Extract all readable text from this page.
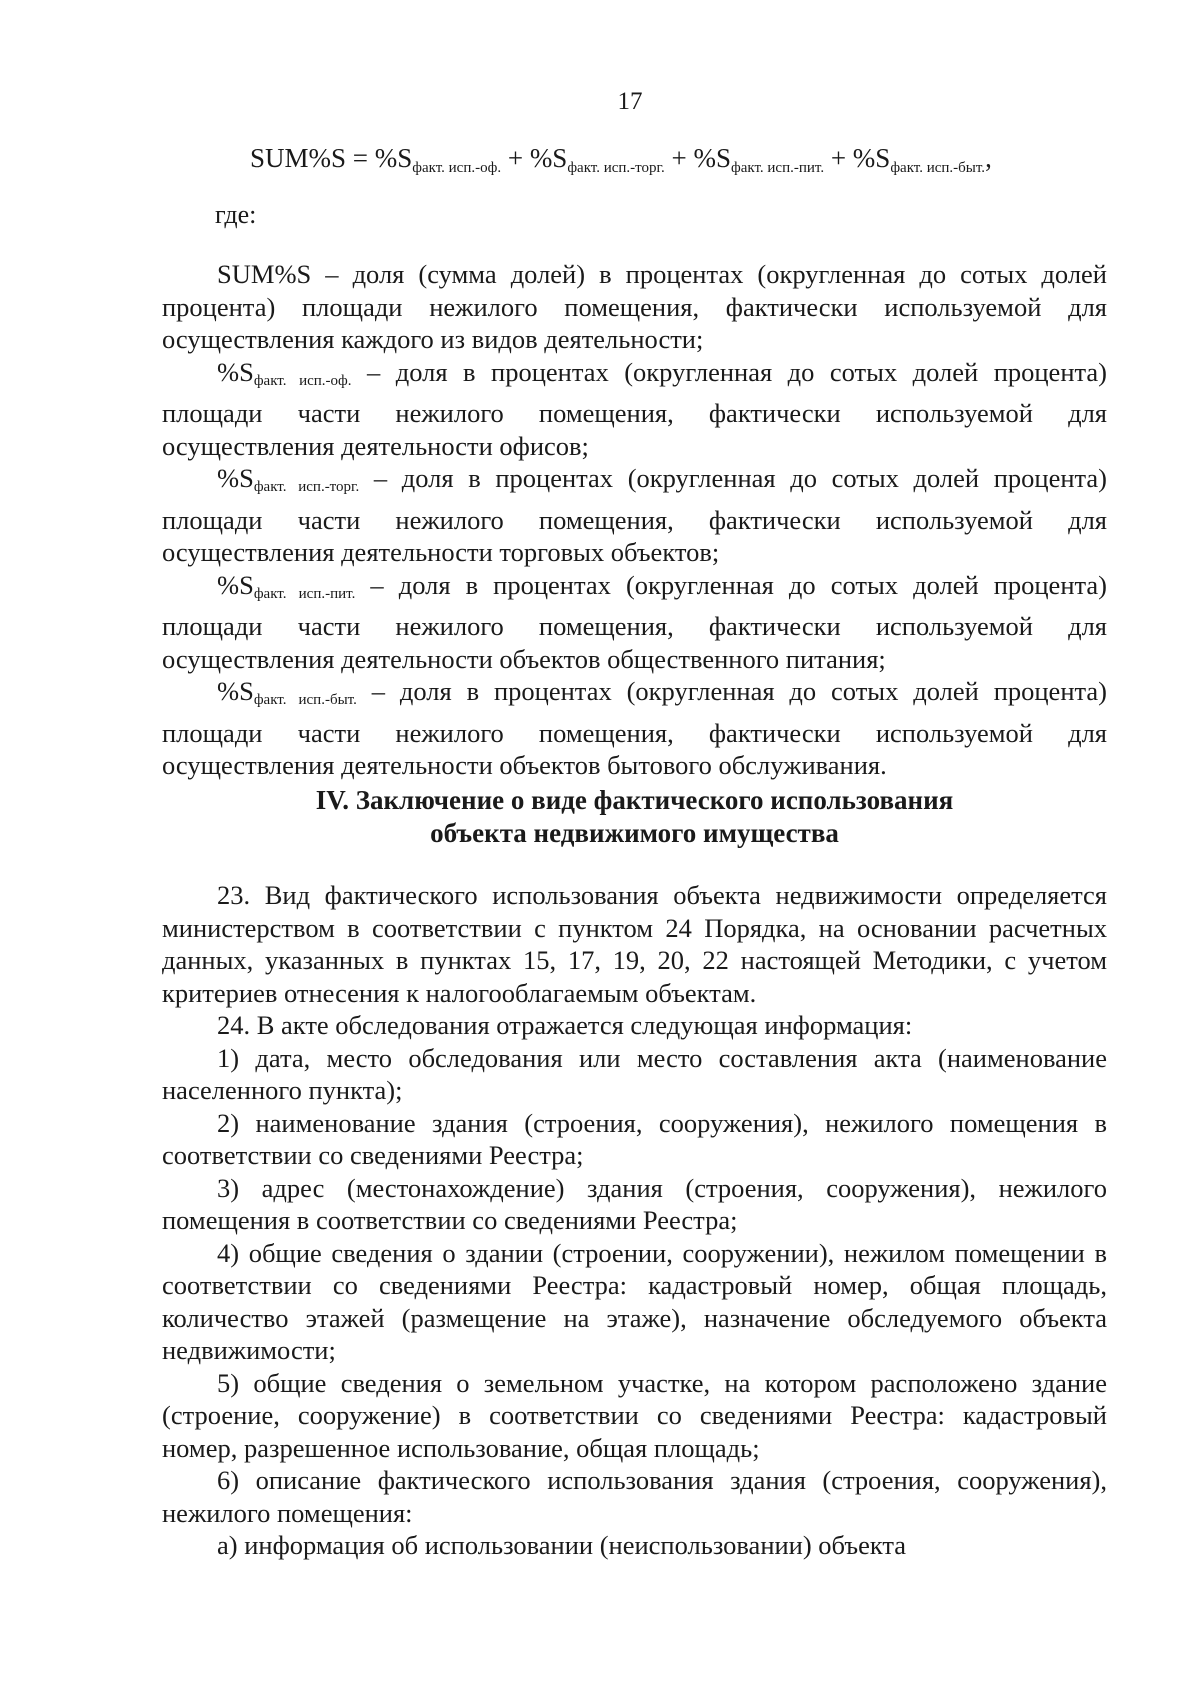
17
$SUM\%S = \%S_{факт. исп.-оф.} + \%S_{факт. исп.-торг.} + \%S_{факт. исп.-пит.} + \%S_{факт. исп.-быт.}$,
где:

SUM%S – доля (сумма долей) в процентах (округленная до сотых долей процента) площади нежилого помещения, фактически используемой для осуществления каждого из видов деятельности;

$\%S_{факт. исп.-оф.}$ – доля в процентах (округленная до сотых долей процента) площади части нежилого помещения, фактически используемой для осуществления деятельности офисов;

$\%S_{факт. исп.-торг.}$ – доля в процентах (округленная до сотых долей процента) площади части нежилого помещения, фактически используемой для осуществления деятельности торговых объектов;

$\%S_{факт. исп.-пит.}$ – доля в процентах (округленная до сотых долей процента) площади части нежилого помещения, фактически используемой для осуществления деятельности объектов общественного питания;

$\%S_{факт. исп.-быт.}$ – доля в процентах (округленная до сотых долей процента) площади части нежилого помещения, фактически используемой для осуществления деятельности объектов бытового обслуживания.

IV. Заключение о виде фактического использования
объекта недвижимого имущества

23. Вид фактического использования объекта недвижимости определяется министерством в соответствии с пунктом 24 Порядка, на основании расчетных данных, указанных в пунктах 15, 17, 19, 20, 22 настоящей Методики, с учетом критериев отнесения к налогооблагаемым объектам.

24. В акте обследования отражается следующая информация:

1) дата, место обследования или место составления акта (наименование населенного пункта);

2) наименование здания (строения, сооружения), нежилого помещения в соответствии со сведениями Реестра;

3) адрес (местонахождение) здания (строения, сооружения), нежилого помещения в соответствии со сведениями Реестра;

4) общие сведения о здании (строении, сооружении), нежилом помещении в соответствии со сведениями Реестра: кадастровый номер, общая площадь, количество этажей (размещение на этаже), назначение обследуемого объекта недвижимости;

5) общие сведения о земельном участке, на котором расположено здание (строение, сооружение) в соответствии со сведениями Реестра: кадастровый номер, разрешенное использование, общая площадь;

6) описание фактического использования здания (строения, сооружения), нежилого помещения:

а) информация об использовании (неиспользовании) объекта
